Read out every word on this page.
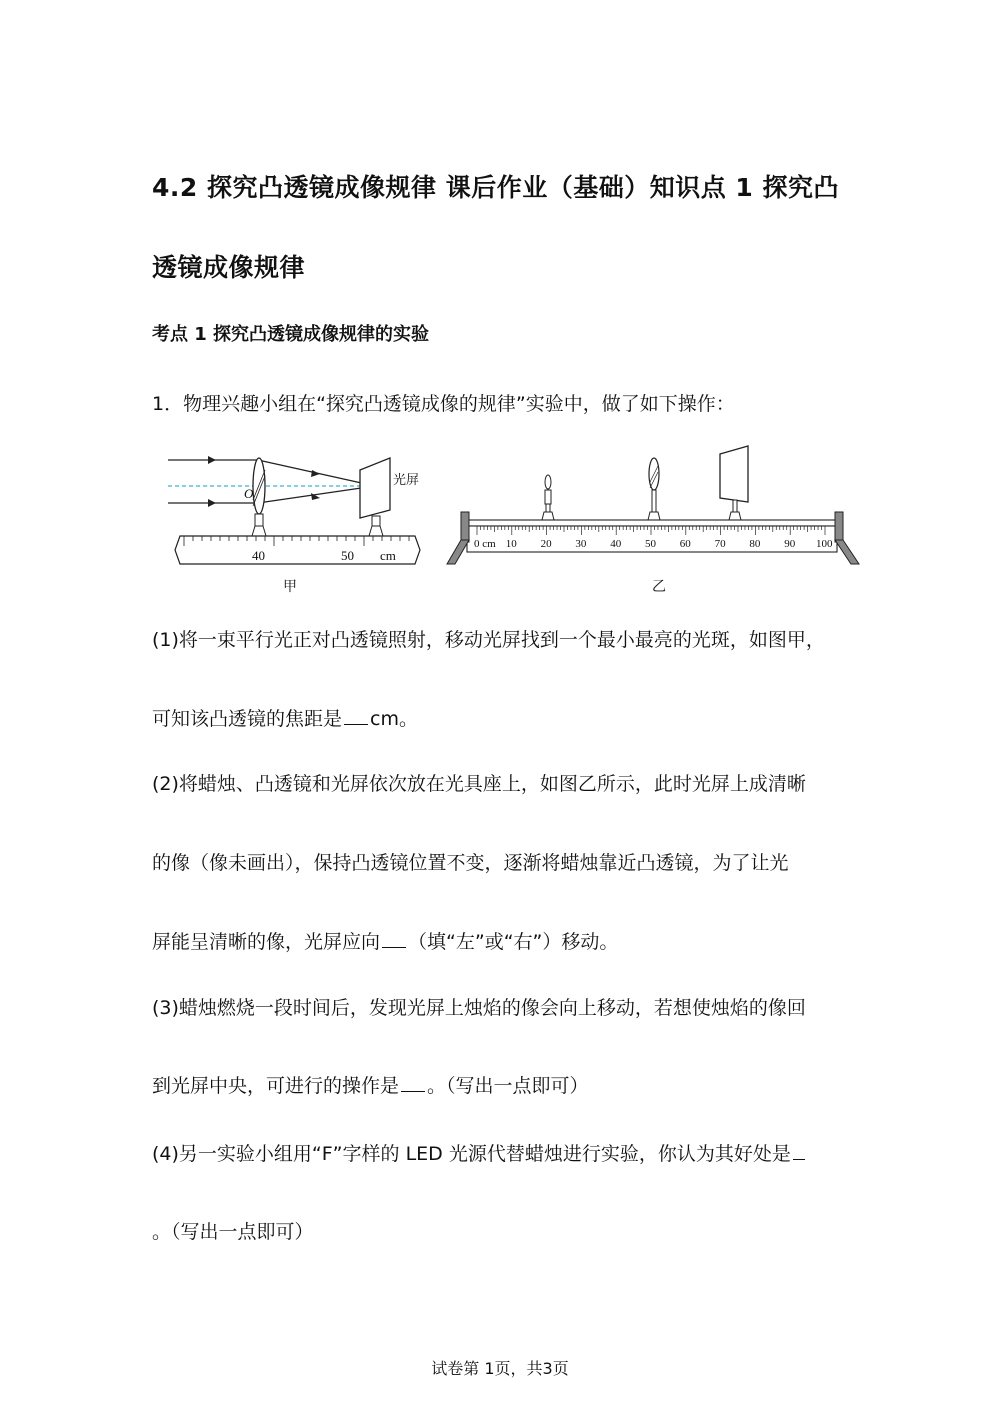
4.2 探究凸透镜成像规律 课后作业（基础）知识点 1 探究凸
透镜成像规律
考点 1 探究凸透镜成像规律的实验
1．物理兴趣小组在“探究凸透镜成像的规律”实验中，做了如下操作：
O
光屏
40	50 cm
甲
0 cm 10 20 30 40 50 60 70 80 90 100
乙
(1)将一束平行光正对凸透镜照射，移动光屏找到一个最小最亮的光斑，如图甲，
可知该凸透镜的焦距是 cm。
(2)将蜡烛、凸透镜和光屏依次放在光具座上，如图乙所示，此时光屏上成清晰
的像（像未画出），保持凸透镜位置不变，逐渐将蜡烛靠近凸透镜，为了让光
屏能呈清晰的像，光屏应向 （填“左”或“右”）移动。
(3)蜡烛燃烧一段时间后，发现光屏上烛焰的像会向上移动，若想使烛焰的像回
到光屏中央，可进行的操作是 。（写出一点即可）
(4)另一实验小组用“F”字样的 LED 光源代替蜡烛进行实验，你认为其好处是
。（写出一点即可）
试卷第 1页，共3页
